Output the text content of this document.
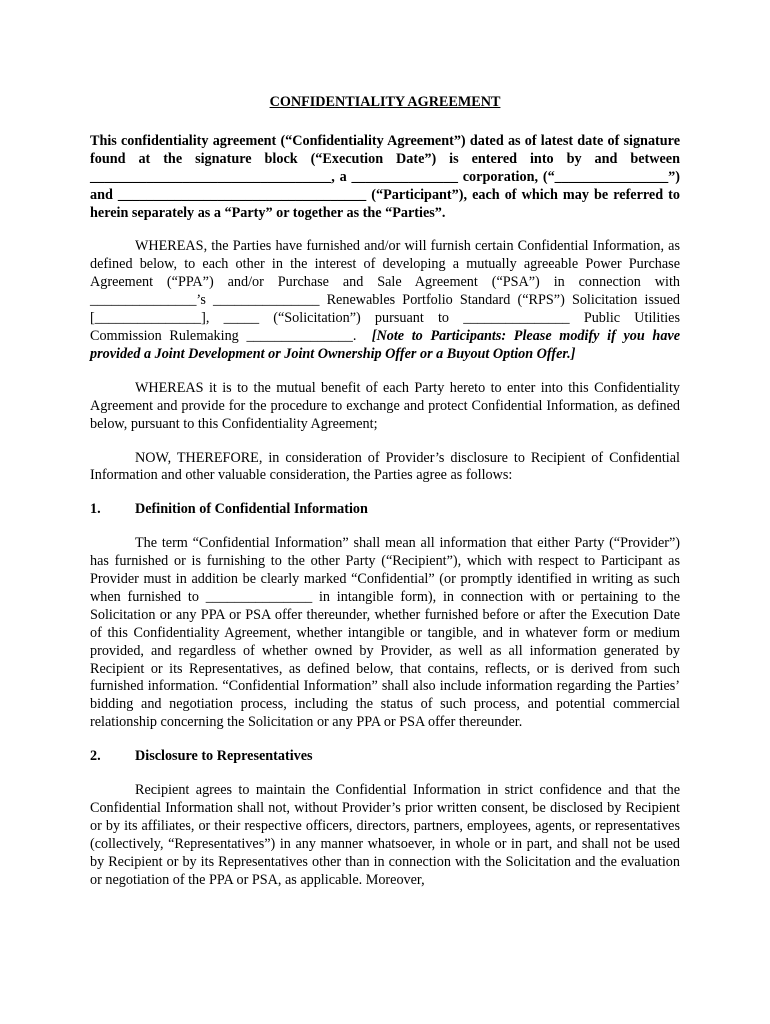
CONFIDENTIALITY AGREEMENT

This confidentiality agreement (“Confidentiality Agreement”) dated as of latest date of signature found at the signature block (“Execution Date”) is entered into by and between __________________________________, a _______________ corporation, (“________________”) and ___________________________________ (“Participant”), each of which may be referred to herein separately as a “Party” or together as the “Parties”.

WHEREAS, the Parties have furnished and/or will furnish certain Confidential Information, as defined below, to each other in the interest of developing a mutually agreeable Power Purchase Agreement (“PPA”) and/or Purchase and Sale Agreement (“PSA”) in connection with _______________’s _______________ Renewables Portfolio Standard (“RPS”) Solicitation issued [_______________], _____ (“Solicitation”) pursuant to _______________ Public Utilities Commission Rulemaking _______________. [Note to Participants: Please modify if you have provided a Joint Development or Joint Ownership Offer or a Buyout Option Offer.]

WHEREAS it is to the mutual benefit of each Party hereto to enter into this Confidentiality Agreement and provide for the procedure to exchange and protect Confidential Information, as defined below, pursuant to this Confidentiality Agreement;

NOW, THEREFORE, in consideration of Provider’s disclosure to Recipient of Confidential Information and other valuable consideration, the Parties agree as follows:

1.	Definition of Confidential Information

The term “Confidential Information” shall mean all information that either Party (“Provider”) has furnished or is furnishing to the other Party (“Recipient”), which with respect to Participant as Provider must in addition be clearly marked “Confidential” (or promptly identified in writing as such when furnished to _______________ in intangible form), in connection with or pertaining to the Solicitation or any PPA or PSA offer thereunder, whether furnished before or after the Execution Date of this Confidentiality Agreement, whether intangible or tangible, and in whatever form or medium provided, and regardless of whether owned by Provider, as well as all information generated by Recipient or its Representatives, as defined below, that contains, reflects, or is derived from such furnished information. “Confidential Information” shall also include information regarding the Parties’ bidding and negotiation process, including the status of such process, and potential commercial relationship concerning the Solicitation or any PPA or PSA offer thereunder.

2.	Disclosure to Representatives

Recipient agrees to maintain the Confidential Information in strict confidence and that the Confidential Information shall not, without Provider’s prior written consent, be disclosed by Recipient or by its affiliates, or their respective officers, directors, partners, employees, agents, or representatives (collectively, “Representatives”) in any manner whatsoever, in whole or in part, and shall not be used by Recipient or by its Representatives other than in connection with the Solicitation and the evaluation or negotiation of the PPA or PSA, as applicable. Moreover,
